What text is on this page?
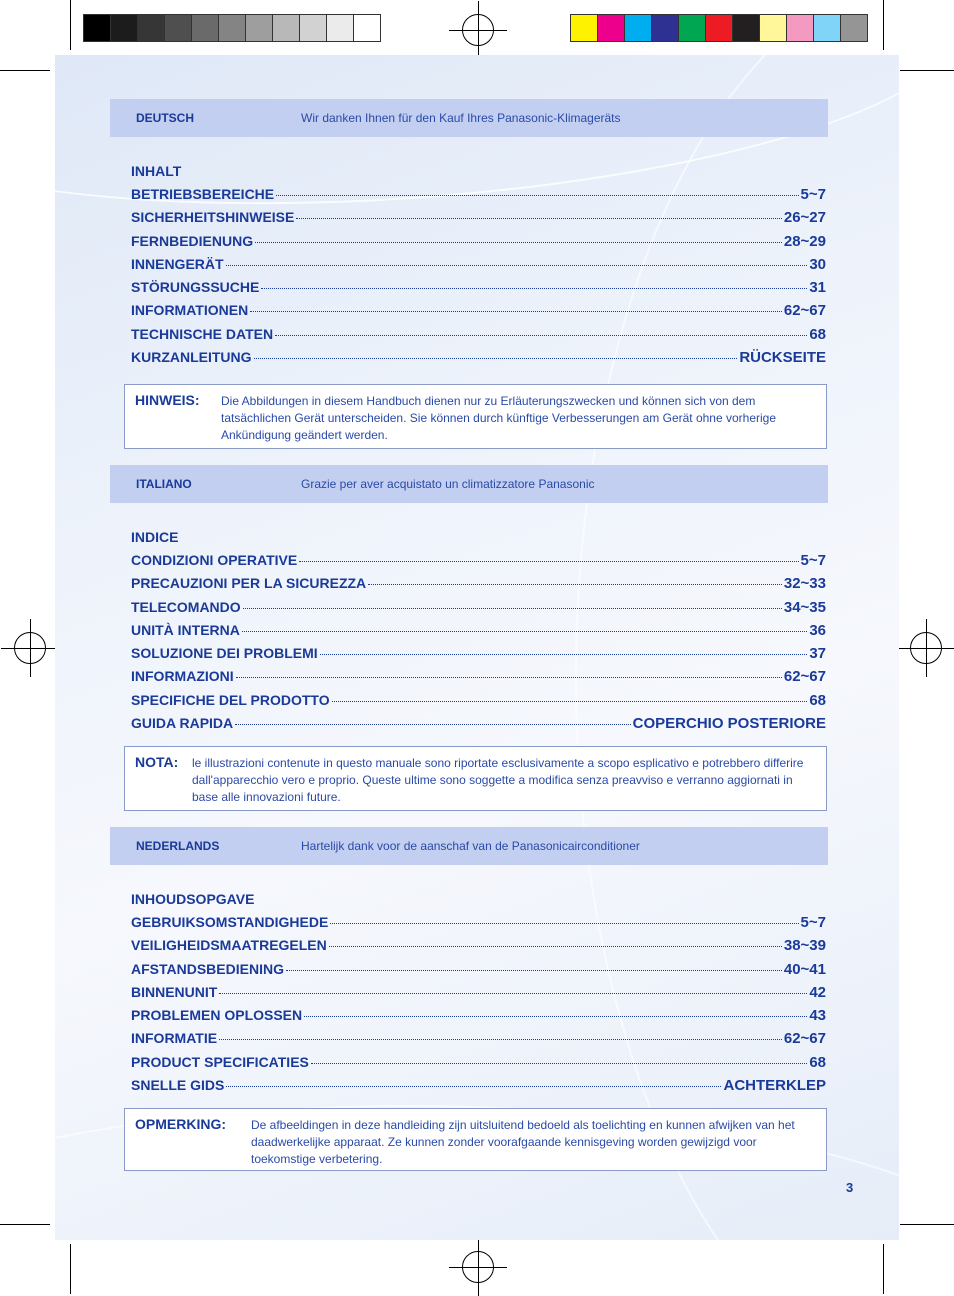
DEUTSCH	Wir danken Ihnen für den Kauf Ihres Panasonic-Klimageräts
INHALT
BETRIEBSBEREICHE	5~7
SICHERHEITSHINWEISE	26~27
FERNBEDIENUNG	28~29
INNENGERÄT	30
STÖRUNGSSUCHE	31
INFORMATIONEN	62~67
TECHNISCHE DATEN	68
KURZANLEITUNG	RÜCKSEITE
HINWEIS: Die Abbildungen in diesem Handbuch dienen nur zu Erläuterungszwecken und können sich von dem tatsächlichen Gerät unterscheiden. Sie können durch künftige Verbesserungen am Gerät ohne vorherige Ankündigung geändert werden.
ITALIANO	Grazie per aver acquistato un climatizzatore Panasonic
INDICE
CONDIZIONI OPERATIVE	5~7
PRECAUZIONI PER LA SICUREZZA	32~33
TELECOMANDO	34~35
UNITÀ INTERNA	36
SOLUZIONE DEI PROBLEMI	37
INFORMAZIONI	62~67
SPECIFICHE DEL PRODOTTO	68
GUIDA RAPIDA	COPERCHIO POSTERIORE
NOTA: le illustrazioni contenute in questo manuale sono riportate esclusivamente a scopo esplicativo e potrebbero differire dall'apparecchio vero e proprio. Queste ultime sono soggette a modifica senza preavviso e verranno aggiornati in base alle innovazioni future.
NEDERLANDS	Hartelijk dank voor de aanschaf van de Panasonicairconditioner
INHOUDSOPGAVE
GEBRUIKSOMSTANDIGHEDE	5~7
VEILIGHEIDSMAATREGELEN	38~39
AFSTANDSBEDIENING	40~41
BINNENUNIT	42
PROBLEMEN OPLOSSEN	43
INFORMATIE	62~67
PRODUCT SPECIFICATIES	68
SNELLE GIDS	ACHTERKLEP
OPMERKING: De afbeeldingen in deze handleiding zijn uitsluitend bedoeld als toelichting en kunnen afwijken van het daadwerkelijke apparaat. Ze kunnen zonder voorafgaande kennisgeving worden gewijzigd voor toekomstige verbetering.
3
